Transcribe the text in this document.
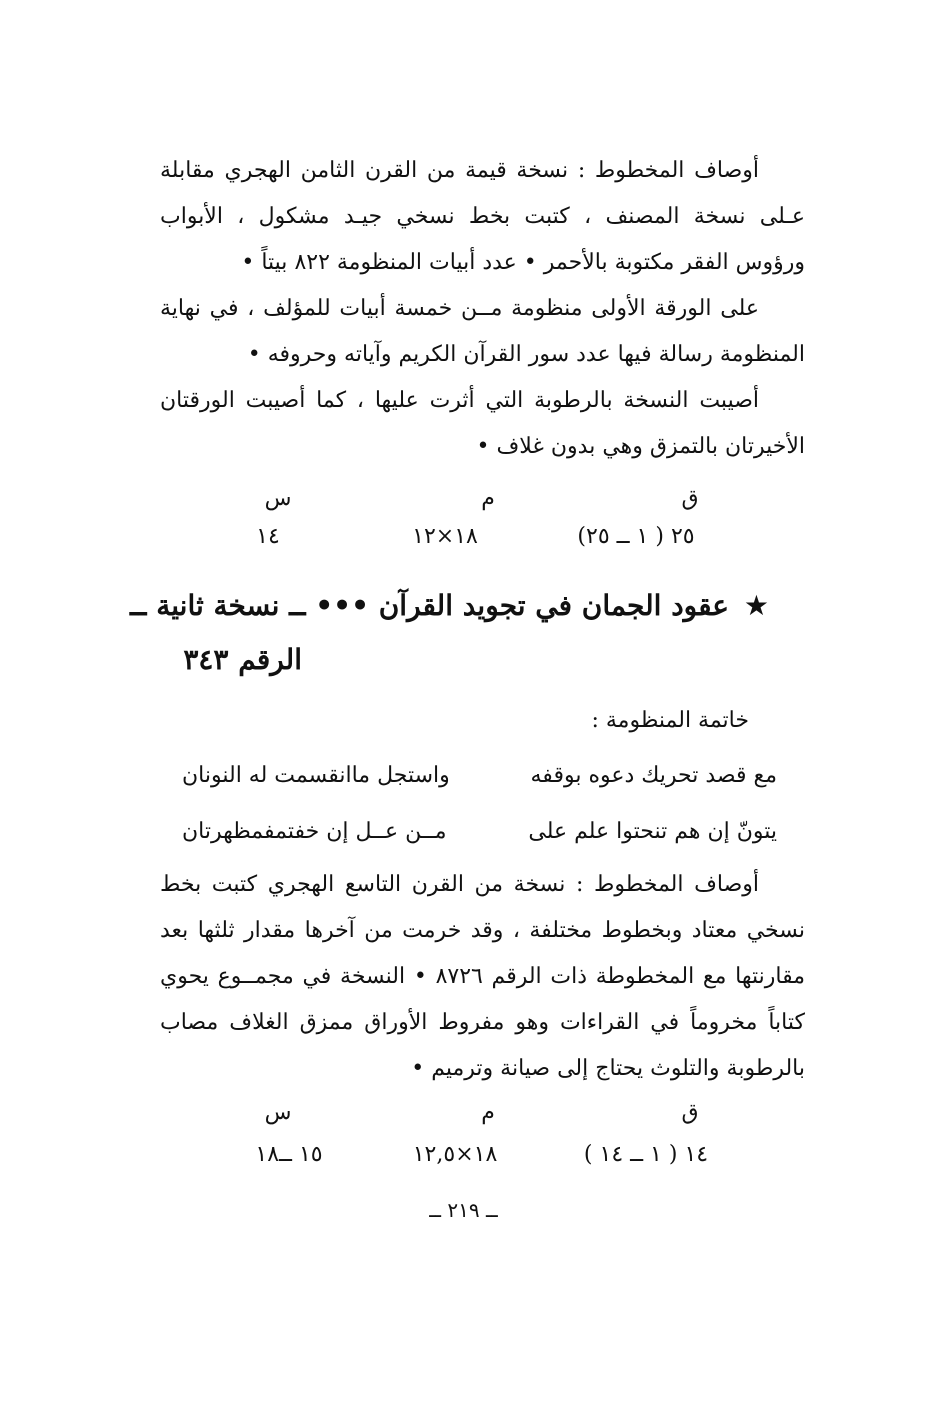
أوصاف المخطوط : نسخة قيمة من القرن الثامن الهجري مقابلة عـلى نسخة المصنف ، كتبت بخط نسخي جيـد مشكول ، الأبواب ورؤوس الفقر مكتوبة بالأحمر • عدد أبيات المنظومة ٨٢٢ بيتاً •
على الورقة الأولى منظومة مــن خمسة أبيات للمؤلف ، في نهاية المنظومة رسالة فيها عدد سور القرآن الكريم وآياته وحروفه •
أصيبت النسخة بالرطوبة التي أثرت عليها ، كما أصيبت الورقتان الأخيرتان بالتمزق وهي بدون غلاف •
ق
م
س
٢٥ ( ١ ــ ٢٥)
١٨×١٢
١٤
★
عقود الجمان في تجويد القرآن ••• ــ نسخة ثانية ــ
الرقم ٣٤٣
خاتمة المنظومة :
مع قصد تحريك دعوه بوقفه
واستجل ماانقسمت له النونان
يتونّ إن هم تنحتوا علم على
مــن عــل إن خفتمفمظهرتان
أوصاف المخطوط : نسخة من القرن التاسع الهجري كتبت بخط نسخي معتاد وبخطوط مختلفة ، وقد خرمت من آخرها مقدار ثلثها بعد مقارنتها مع المخطوطة ذات الرقم ٨٧٢٦ • النسخة في مجمــوع يحوي كتاباً مخروماً في القراءات وهو مفروط الأوراق ممزق الغلاف مصاب بالرطوبة والتلوث يحتاج إلى صيانة وترميم •
ق
م
س
١٤ ( ١ ــ ١٤ )
١٨×١٢,٥
١٥ ــ١٨
ــ ٢١٩ ــ
